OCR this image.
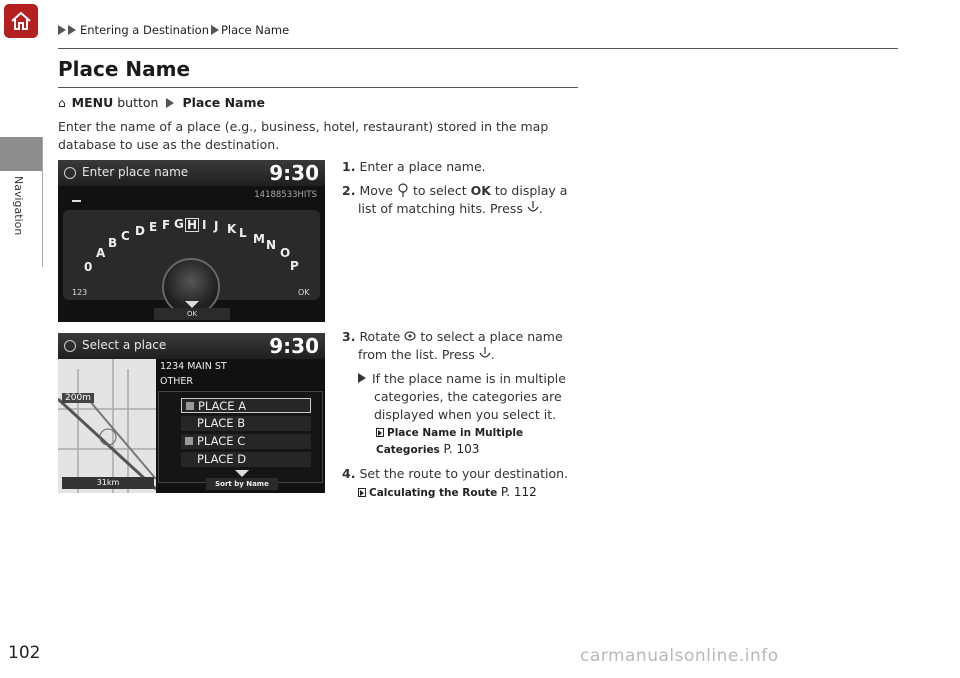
Navigation
Entering a Destination Place Name
Place Name
⌂ MENU button Place Name
Enter the name of a place (e.g., business, hotel, restaurant) stored in the map database to use as the destination.
Enter place name	9:30
14188533HITS
0
A
B C D E F G H I J K L M N
O
P
123	OK
OK
200m
31km
Select a place	9:30
1234 MAIN ST
OTHER
PLACE A
PLACE B
PLACE C
PLACE D
Sort by Name
1. Enter a place name.
2. Move to select OK to display a
list of matching hits. Press .
3. Rotate to select a place name
from the list. Press .
If the place name is in multiple
categories, the categories are
displayed when you select it.
Place Name in Multiple
Categories P. 103
4. Set the route to your destination.
Calculating the Route P. 112
102	carmanualsonline.info
